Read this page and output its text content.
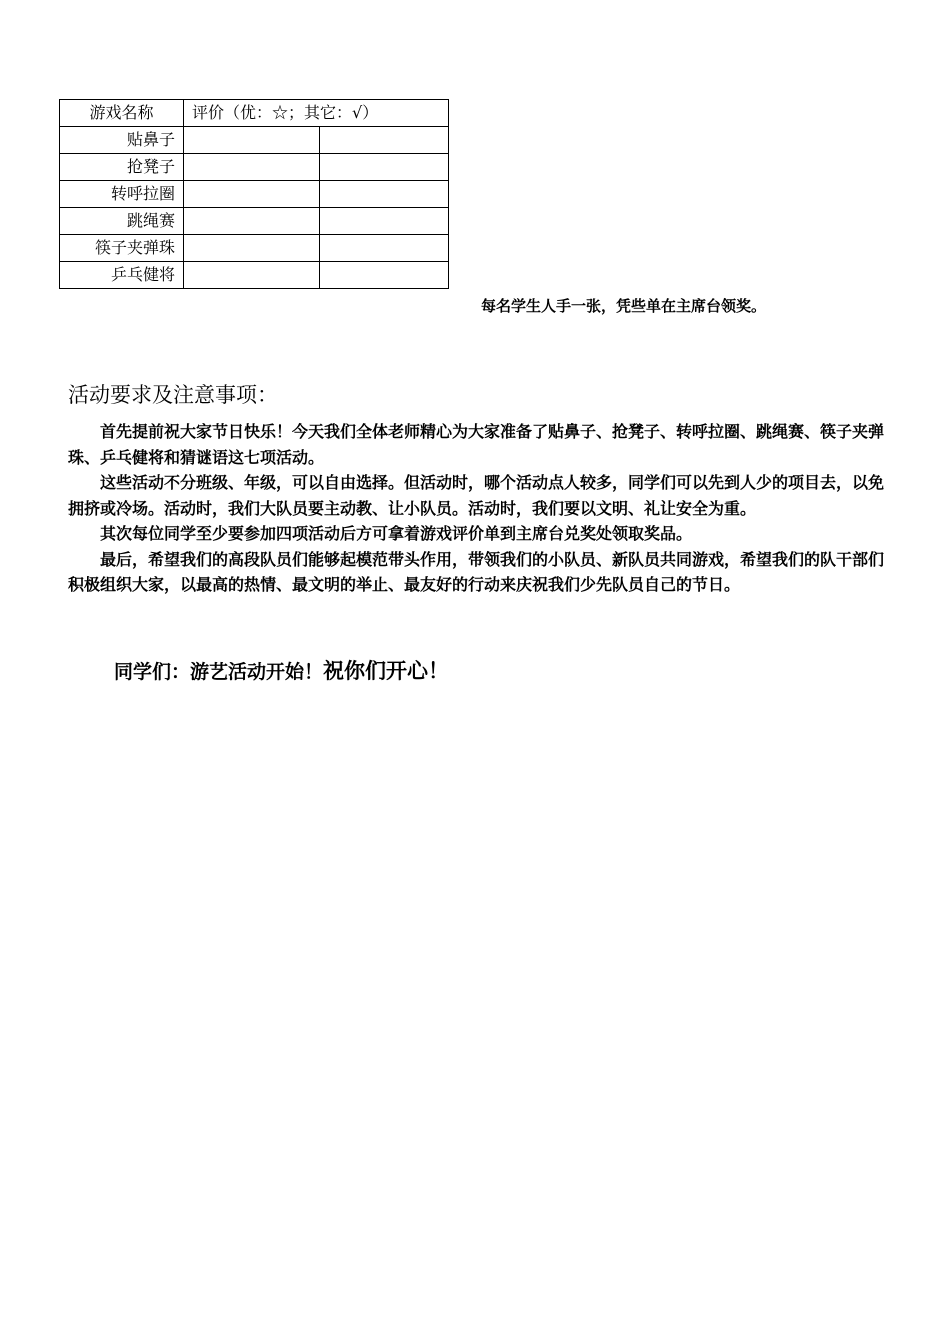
游戏名称	评价（优：☆；其它：√）	
贴鼻子		
抢凳子		
转呼拉圈		
跳绳赛		
筷子夹弹珠		
乒乓健将		
每名学生人手一张，凭些单在主席台领奖。
活动要求及注意事项：

首先提前祝大家节日快乐！今天我们全体老师精心为大家准备了贴鼻子、抢凳子、转呼拉圈、跳绳赛、筷子夹弹珠、乒乓健将和猜谜语这七项活动。

这些活动不分班级、年级，可以自由选择。但活动时，哪个活动点人较多，同学们可以先到人少的项目去，以免拥挤或冷场。活动时，我们大队员要主动教、让小队员。活动时，我们要以文明、礼让安全为重。

其次每位同学至少要参加四项活动后方可拿着游戏评价单到主席台兑奖处领取奖品。

最后，希望我们的高段队员们能够起模范带头作用，带领我们的小队员、新队员共同游戏，希望我们的队干部们积极组织大家，以最高的热情、最文明的举止、最友好的行动来庆祝我们少先队员自己的节日。

同学们：游艺活动开始！祝你们开心！
